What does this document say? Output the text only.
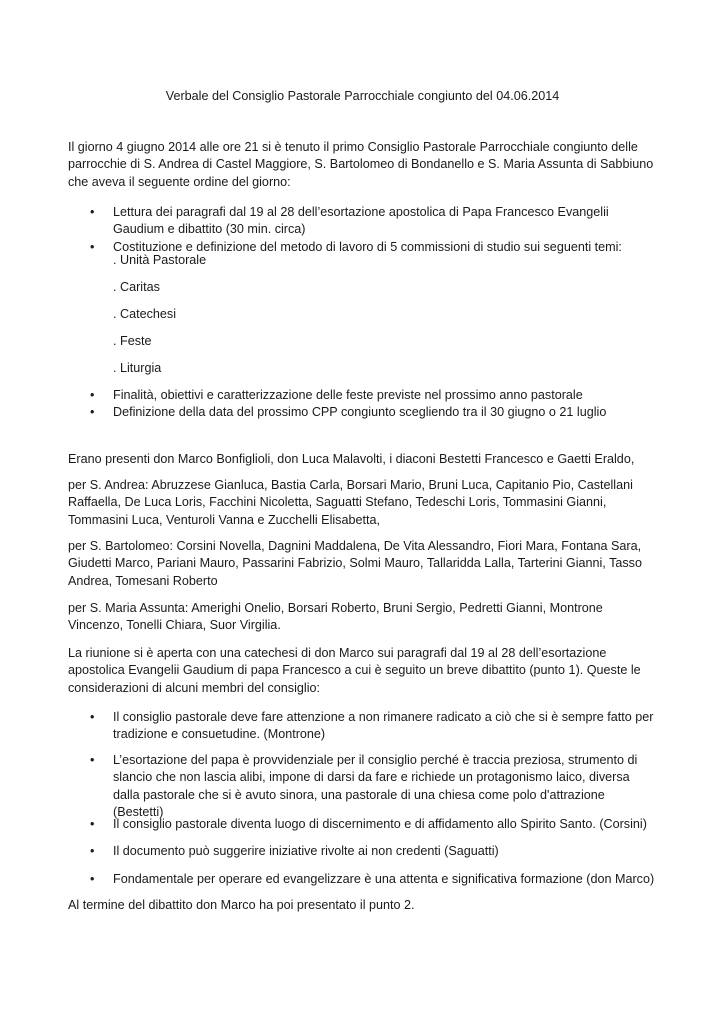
Verbale del Consiglio Pastorale Parrocchiale congiunto del 04.06.2014

Il giorno 4 giugno 2014 alle ore 21 si è tenuto il primo Consiglio Pastorale Parrocchiale congiunto delle parrocchie di S. Andrea di Castel Maggiore, S. Bartolomeo di Bondanello e S. Maria Assunta di Sabbiuno che aveva il seguente ordine del giorno:

• Lettura dei paragrafi dal 19 al 28 dell’esortazione apostolica di Papa Francesco Evangelii Gaudium e dibattito (30 min. circa)
• Costituzione e definizione del metodo di lavoro di 5 commissioni di studio sui seguenti temi:
. Unità Pastorale
. Caritas
. Catechesi
. Feste
. Liturgia
• Finalità, obiettivi e caratterizzazione delle feste previste nel prossimo anno pastorale
• Definizione della data del prossimo CPP congiunto scegliendo tra il 30 giugno o 21 luglio

Erano presenti don Marco Bonfiglioli, don Luca Malavolti, i diaconi Bestetti Francesco e Gaetti Eraldo,

per S. Andrea: Abruzzese Gianluca, Bastia Carla, Borsari Mario, Bruni Luca, Capitanio Pio, Castellani Raffaella, De Luca Loris, Facchini Nicoletta, Saguatti Stefano, Tedeschi Loris, Tommasini Gianni, Tommasini Luca, Venturoli Vanna e Zucchelli Elisabetta,

per S. Bartolomeo: Corsini Novella, Dagnini Maddalena, De Vita Alessandro, Fiori Mara, Fontana Sara, Giudetti Marco, Pariani Mauro, Passarini Fabrizio, Solmi Mauro, Tallaridda Lalla, Tarterini Gianni, Tasso Andrea, Tomesani Roberto

per S. Maria Assunta: Amerighi Onelio, Borsari Roberto, Bruni Sergio, Pedretti Gianni, Montrone Vincenzo, Tonelli Chiara, Suor Virgilia.

La riunione si è aperta con una catechesi di don Marco sui paragrafi dal 19 al 28 dell’esortazione apostolica Evangelii Gaudium di papa Francesco a cui è seguito un breve dibattito (punto 1). Queste le considerazioni di alcuni membri del consiglio:

• Il consiglio pastorale deve fare attenzione a non rimanere radicato a ciò che si è sempre fatto per tradizione e consuetudine. (Montrone)
• L’esortazione del papa è provvidenziale per il consiglio perché è traccia preziosa, strumento di slancio che non lascia alibi, impone di darsi da fare e richiede un protagonismo laico, diversa dalla pastorale che si è avuto sinora, una pastorale di una chiesa come polo d'attrazione (Bestetti)
• Il consiglio pastorale diventa luogo di discernimento e di affidamento allo Spirito Santo. (Corsini)
• Il documento può suggerire iniziative rivolte ai non credenti (Saguatti)
• Fondamentale per operare ed evangelizzare è una attenta e significativa formazione (don Marco)

Al termine del dibattito don Marco ha poi presentato il punto 2.
